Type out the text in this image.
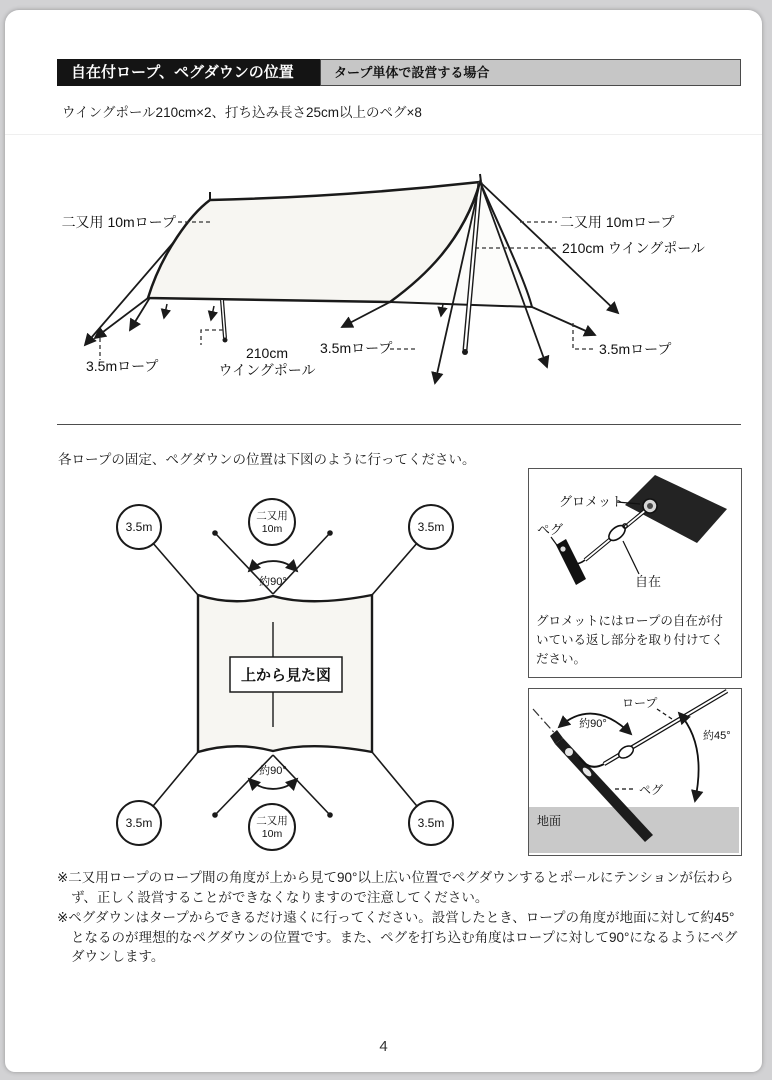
自在付ロープ、ペグダウンの位置	タープ単体で設営する場合
ウイングポール210cm×2、打ち込み長さ25cm以上のペグ×8
二又用 10mロープ	二又用 10mロープ
210cm ウイングポール
3.5mロープ
210cm
ウイングポール
3.5mロープ	3.5mロープ
各ロープの固定、ペグダウンの位置は下図のように行ってください。
上から見た図
約90°
約90°
3.5m	3.5m
3.5m	3.5m
二又用
10m
二又用
10m
グロメット
ペグ
自在
グロメットにはロープの自在が付いている返し部分を取り付けてください。
ロープ
約90°
約45°
ペグ
地面

※二又用ロープのロープ間の角度が上から見て90°以上広い位置でペグダウンするとポールにテンションが伝わらず、正しく設営することができなくなりますので注意してください。

※ペグダウンはタープからできるだけ遠くに行ってください。設営したとき、ロープの角度が地面に対して約45°となるのが理想的なペグダウンの位置です。また、ペグを打ち込む角度はロープに対して90°になるようにペグダウンします。

4
